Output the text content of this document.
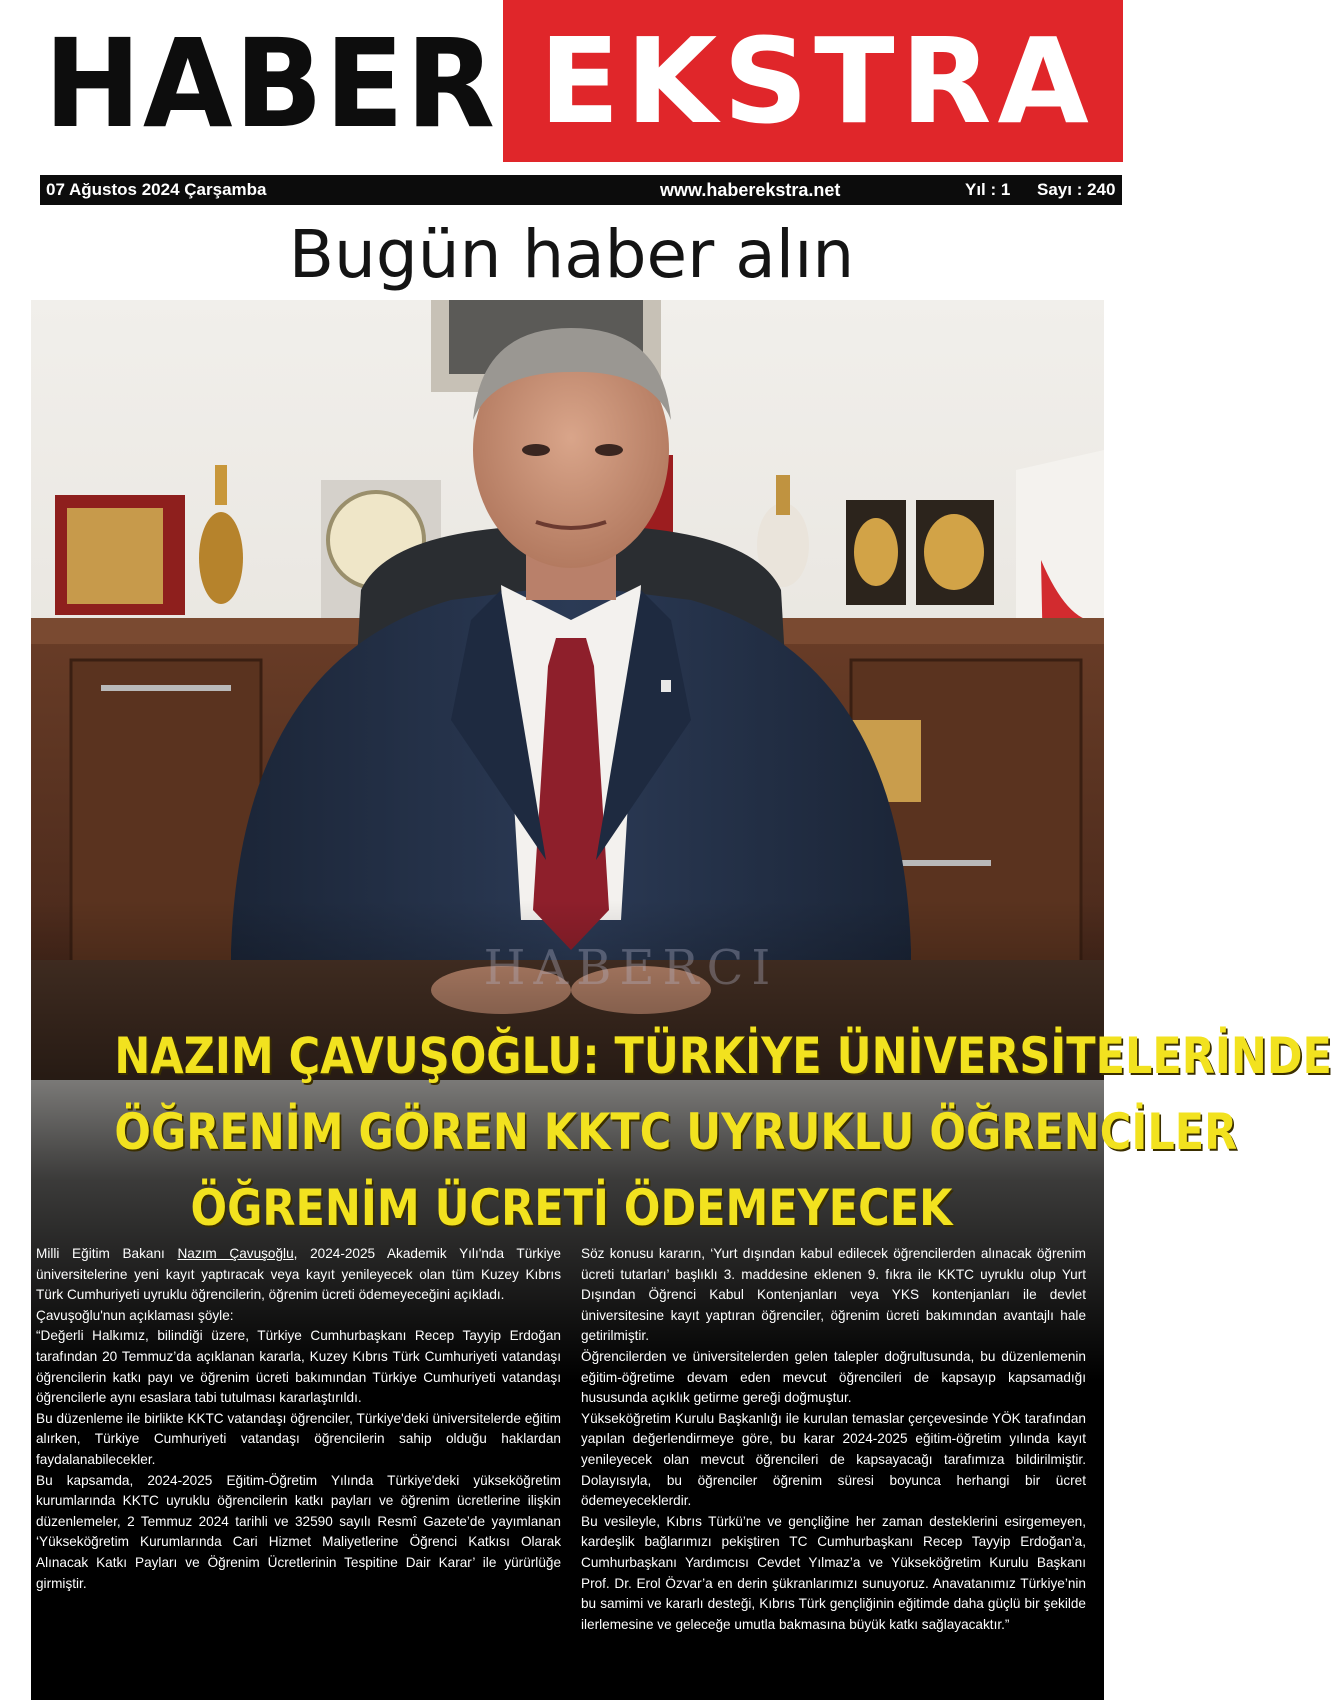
HABER EKSTRA
07 Ağustos 2024 Çarşamba	www.haberekstra.net	Yıl : 1 Sayı : 240
Bugün haber alın
HABERCI
NAZIM ÇAVUŞOĞLU: TÜRKİYE ÜNİVERSİTELERİNDE
ÖĞRENİM GÖREN KKTC UYRUKLU ÖĞRENCİLER
ÖĞRENİM ÜCRETİ ÖDEMEYECEK

Milli Eğitim Bakanı Nazım Çavuşoğlu, 2024-2025 Akademik Yılı'nda Türkiye üniversitelerine yeni kayıt yaptıracak veya kayıt yenileyecek olan tüm Kuzey Kıbrıs Türk Cumhuriyeti uyruklu öğrencilerin, öğrenim ücreti ödemeyeceğini açıkladı.

Çavuşoğlu'nun açıklaması şöyle:

“Değerli Halkımız, bilindiği üzere, Türkiye Cumhurbaşkanı Recep Tayyip Erdoğan tarafından 20 Temmuz’da açıklanan kararla, Kuzey Kıbrıs Türk Cumhuriyeti vatandaşı öğrencilerin katkı payı ve öğrenim ücreti bakımından Türkiye Cumhuriyeti vatandaşı öğrencilerle aynı esaslara tabi tutulması kararlaştırıldı.

Bu düzenleme ile birlikte KKTC vatandaşı öğrenciler, Türkiye'deki üniversitelerde eğitim alırken, Türkiye Cumhuriyeti vatandaşı öğrencilerin sahip olduğu haklardan faydalanabilecekler.

Bu kapsamda, 2024-2025 Eğitim-Öğretim Yılında Türkiye'deki yükseköğretim kurumlarında KKTC uyruklu öğrencilerin katkı payları ve öğrenim ücretlerine ilişkin düzenlemeler, 2 Temmuz 2024 tarihli ve 32590 sayılı Resmî Gazete’de yayımlanan ‘Yükseköğretim Kurumlarında Cari Hizmet Maliyetlerine Öğrenci Katkısı Olarak Alınacak Katkı Payları ve Öğrenim Ücretlerinin Tespitine Dair Karar’ ile yürürlüğe girmiştir.

Söz konusu kararın, ‘Yurt dışından kabul edilecek öğrencilerden alınacak öğrenim ücreti tutarları’ başlıklı 3. maddesine eklenen 9. fıkra ile KKTC uyruklu olup Yurt Dışından Öğrenci Kabul Kontenjanları veya YKS kontenjanları ile devlet üniversitesine kayıt yaptıran öğrenciler, öğrenim ücreti bakımından avantajlı hale getirilmiştir.

Öğrencilerden ve üniversitelerden gelen talepler doğrultusunda, bu düzenlemenin eğitim-öğretime devam eden mevcut öğrencileri de kapsayıp kapsamadığı hususunda açıklık getirme gereği doğmuştur.

Yükseköğretim Kurulu Başkanlığı ile kurulan temaslar çerçevesinde YÖK tarafından yapılan değerlendirmeye göre, bu karar 2024-2025 eğitim-öğretim yılında kayıt yenileyecek olan mevcut öğrencileri de kapsayacağı tarafımıza bildirilmiştir. Dolayısıyla, bu öğrenciler öğrenim süresi boyunca herhangi bir ücret ödemeyeceklerdir.

Bu vesileyle, Kıbrıs Türkü’ne ve gençliğine her zaman desteklerini esirgemeyen, kardeşlik bağlarımızı pekiştiren TC Cumhurbaşkanı Recep Tayyip Erdoğan’a, Cumhurbaşkanı Yardımcısı Cevdet Yılmaz’a ve Yükseköğretim Kurulu Başkanı Prof. Dr. Erol Özvar’a en derin şükranlarımızı sunuyoruz. Anavatanımız Türkiye’nin bu samimi ve kararlı desteği, Kıbrıs Türk gençliğinin eğitimde daha güçlü bir şekilde ilerlemesine ve geleceğe umutla bakmasına büyük katkı sağlayacaktır.”
